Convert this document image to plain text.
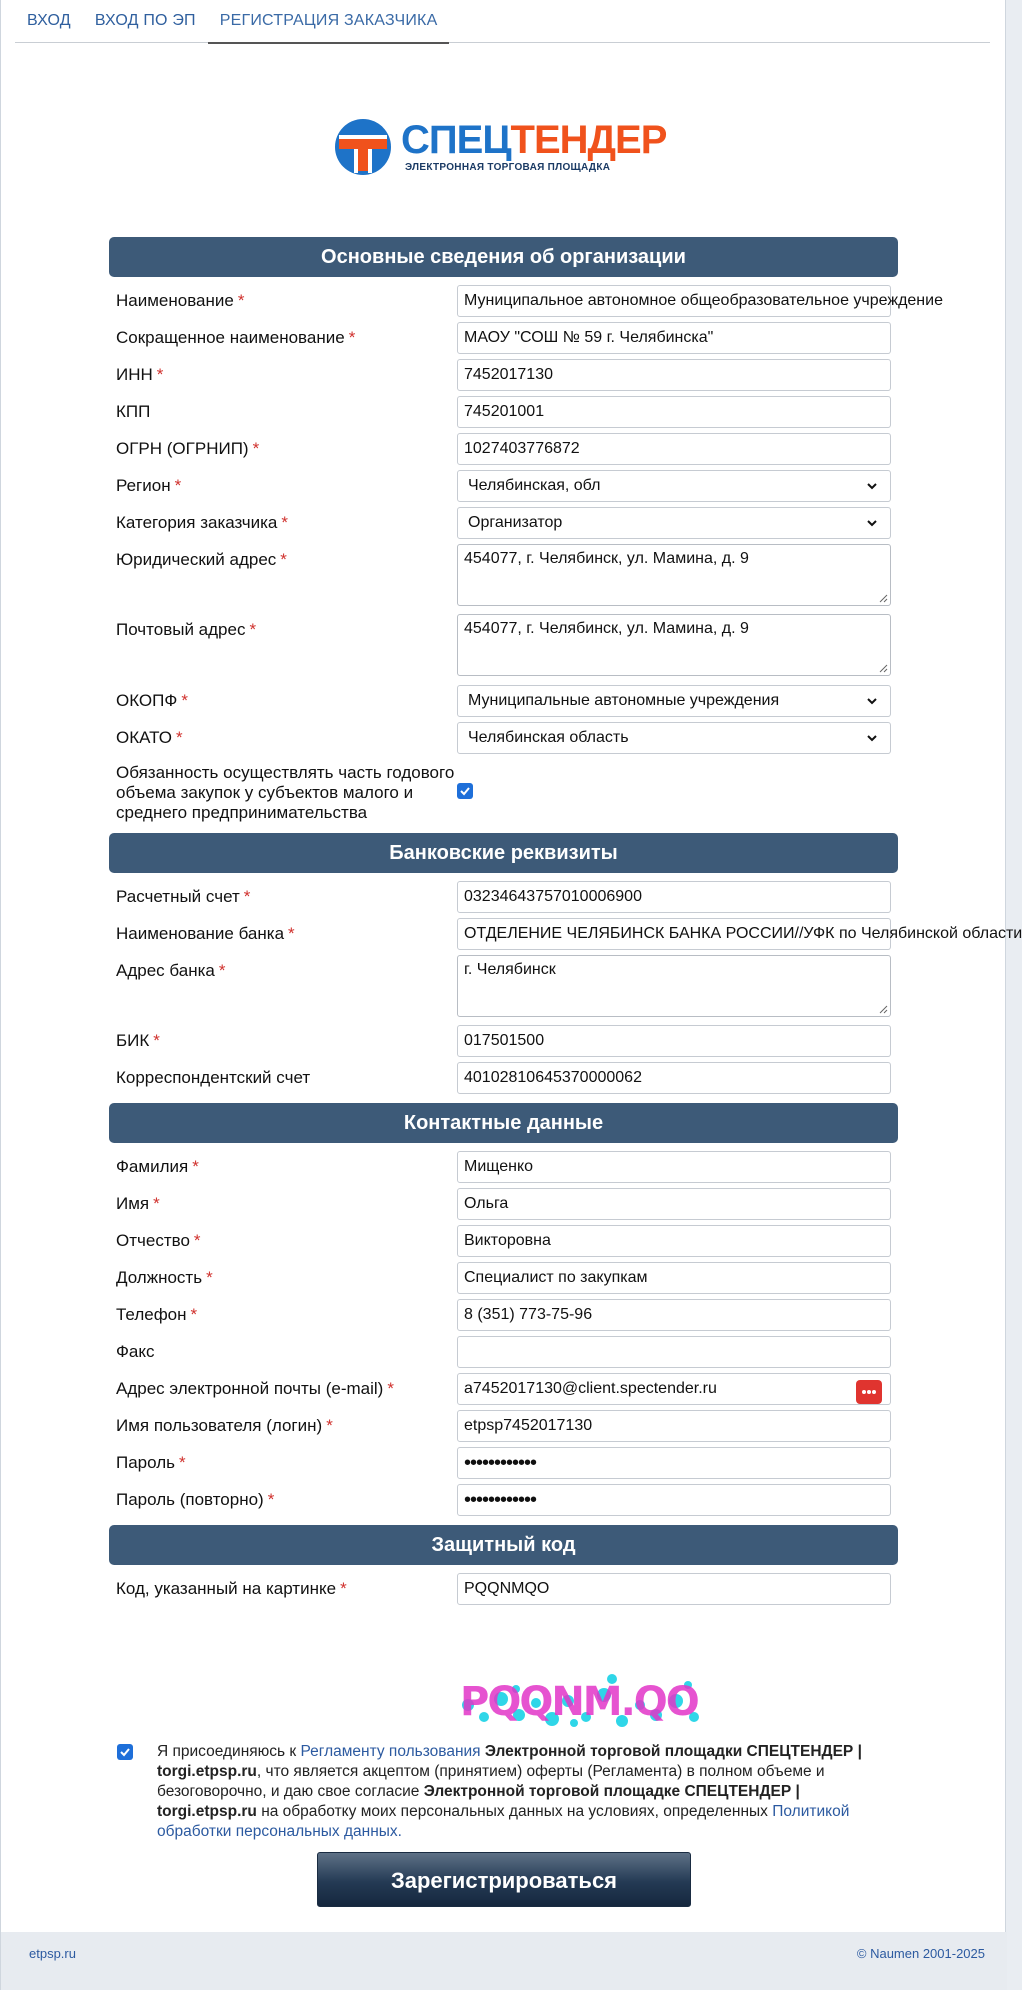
ВХОД	ВХОД ПО ЭП	РЕГИСТРАЦИЯ ЗАКАЗЧИКА
СПЕЦТЕНДЕР
ЭЛЕКТРОННАЯ ТОРГОВАЯ ПЛОЩАДКА
Основные сведения об организации
Наименование *	Муниципальное автономное общеобразовательное учреждение
Сокращенное наименование *	МАОУ "СОШ № 59 г. Челябинска"
ИНН *	7452017130
КПП	745201001
ОГРН (ОГРНИП) *	1027403776872
Регион *	Челябинская, обл
Категория заказчика *	Организатор
Юридический адрес *	454077, г. Челябинск, ул. Мамина, д. 9
Почтовый адрес *	454077, г. Челябинск, ул. Мамина, д. 9
ОКОПФ *	Муниципальные автономные учреждения
ОКАТО *	Челябинская область
Обязанность осуществлять часть годового объема закупок у субъектов малого и среднего предпринимательства
Банковские реквизиты
Расчетный счет *	03234643757010006900
Наименование банка *	ОТДЕЛЕНИЕ ЧЕЛЯБИНСК БАНКА РОССИИ//УФК по Челябинской области
Адрес банка *	г. Челябинск
БИК *	017501500
Корреспондентский счет	40102810645370000062
Контактные данные
Фамилия *	Мищенко
Имя *	Ольга
Отчество *	Викторовна
Должность *	Специалист по закупкам
Телефон *	8 (351) 773-75-96
Факс
Адрес электронной почты (e-mail) *	a7452017130@client.spectender.ru
Имя пользователя (логин) *	etpsp7452017130
Пароль *	••••••••••••
Пароль (повторно) *	••••••••••••
Защитный код
Код, указанный на картинке *	PQQNMQO
PQQNM.QO
Я присоединяюсь к Регламенту пользования Электронной торговой площадки СПЕЦТЕНДЕР | torgi.etpsp.ru, что является акцептом (принятием) оферты (Регламента) в полном объеме и безоговорочно, и даю свое согласие Электронной торговой площадке СПЕЦТЕНДЕР | torgi.etpsp.ru на обработку моих персональных данных на условиях, определенных Политикой обработки персональных данных.
Зарегистрироваться
etpsp.ru	© Naumen 2001-2025
